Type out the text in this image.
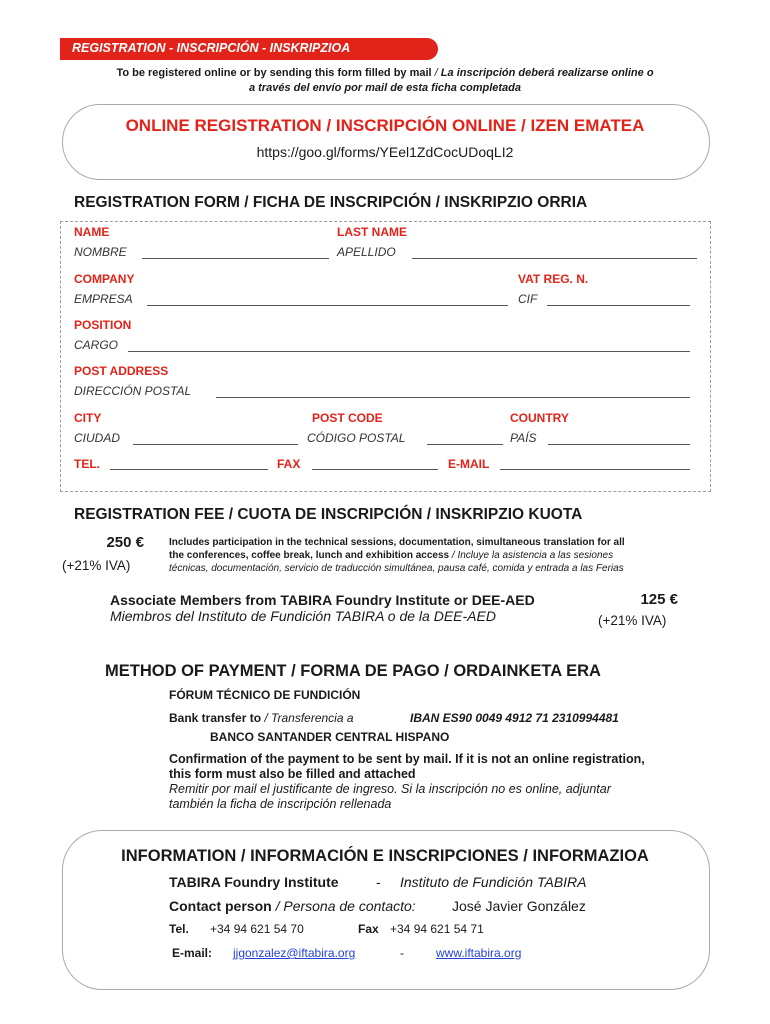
REGISTRATION - INSCRIPCIÓN - INSKRIPZIOA
To be registered online or by sending this form filled by mail / La inscripción deberá realizarse online o
a través del envío por mail de esta ficha completada
ONLINE REGISTRATION / INSCRIPCIÓN ONLINE / IZEN EMATEA
https://goo.gl/forms/YEel1ZdCocUDoqLI2
REGISTRATION FORM / FICHA DE INSCRIPCIÓN / INSKRIPZIO ORRIA
NAME	LAST NAME
NOMBRE	APELLIDO
COMPANY	VAT REG. N.
EMPRESA	CIF
POSITION
CARGO
POST ADDRESS
DIRECCIÓN POSTAL
CITY	POST CODE	COUNTRY
CIUDAD	CÓDIGO POSTAL	PAÍS
TEL.	FAX	E-MAIL
REGISTRATION FEE / CUOTA DE INSCRIPCIÓN / INSKRIPZIO KUOTA
250 €
(+21% IVA)
Includes participation in the technical sessions, documentation, simultaneous translation for all
the conferences, coffee break, lunch and exhibition access / Incluye la asistencia a las sesiones
técnicas, documentación, servicio de traducción simultánea, pausa café, comida y entrada a las Ferias
Associate Members from TABIRA Foundry Institute or DEE-AED
Miembros del Instituto de Fundición TABIRA o de la DEE-AED
125 €
(+21% IVA)
METHOD OF PAYMENT / FORMA DE PAGO / ORDAINKETA ERA
FÓRUM TÉCNICO DE FUNDICIÓN
Bank transfer to / Transferencia a	IBAN ES90 0049 4912 71 2310994481
BANCO SANTANDER CENTRAL HISPANO
Confirmation of the payment to be sent by mail. If it is not an online registration,
this form must also be filled and attached
Remitir por mail el justificante de ingreso. Si la inscripción no es online, adjuntar
también la ficha de inscripción rellenada
INFORMATION / INFORMACIÓN E INSCRIPCIONES / INFORMAZIOA
TABIRA Foundry Institute	- Instituto de Fundición TABIRA
Contact person / Persona de contacto:	José Javier González
Tel. +34 94 621 54 70	Fax +34 94 621 54 71
E-mail: jjgonzalez@iftabira.org	-	www.iftabira.org
